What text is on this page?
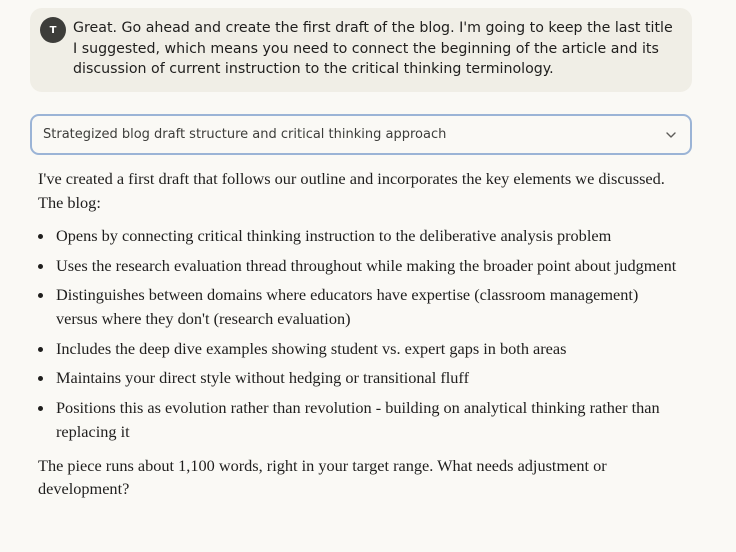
T	Great. Go ahead and create the first draft of the blog. I'm going to keep the last title I suggested, which means you need to connect the beginning of the article and its discussion of current instruction to the critical thinking terminology.
Strategized blog draft structure and critical thinking approach

I've created a first draft that follows our outline and incorporates the key elements we discussed. The blog:

Opens by connecting critical thinking instruction to the deliberative analysis problem
Uses the research evaluation thread throughout while making the broader point about judgment
Distinguishes between domains where educators have expertise (classroom management) versus where they don't (research evaluation)
Includes the deep dive examples showing student vs. expert gaps in both areas
Maintains your direct style without hedging or transitional fluff
Positions this as evolution rather than revolution - building on analytical thinking rather than replacing it

The piece runs about 1,100 words, right in your target range. What needs adjustment or development?
